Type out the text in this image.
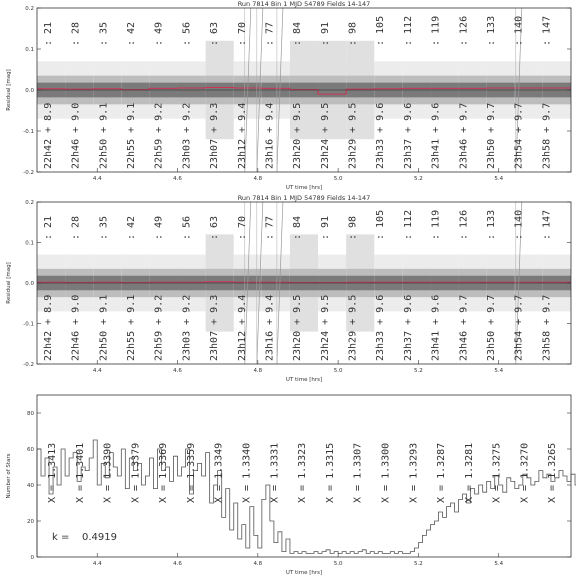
Run 7814 Bin 1 MJD 54789 Fields 14-147
-0.2
-0.1
0.0
0.1
0.2
4.4	4.6	4.8	5.0	5.2	5.4
UT time [hrs]
Residual [mag]
: 21
22h42 + 8.9
: 28
22h46 + 9.0
: 35
22h50 + 9.1
: 42
22h55 + 9.1
: 49
22h59 + 9.2
: 56
23h03 + 9.2
: 63
23h07 + 9.3
: 70
23h12 + 9.4
: 77
23h16 + 9.4
: 84
23h20 + 9.5
: 91
23h24 + 9.5
: 98
23h29 + 9.5
: 105
23h33 + 9.6
: 112
23h37 + 9.6
: 119
23h41 + 9.6
: 126
23h46 + 9.7
: 133
23h50 + 9.7
: 140
23h54 + 9.7
: 147
23h58 + 9.7
Run 7814 Bin 1 MJD 54789 Fields 14-147
-0.2
-0.1
0.0
0.1
0.2
4.4	4.6	4.8	5.0	5.2	5.4
UT time [hrs]
Residual [mag]
: 21
22h42 + 8.9
: 28
22h46 + 9.0
: 35
22h50 + 9.1
: 42
22h55 + 9.1
: 49
22h59 + 9.2
: 56
23h03 + 9.2
: 63
23h07 + 9.3
: 70
23h12 + 9.4
: 77
23h16 + 9.4
: 84
23h20 + 9.5
: 91
23h24 + 9.5
: 98
23h29 + 9.5
: 105
23h33 + 9.6
: 112
23h37 + 9.6
: 119
23h41 + 9.6
: 126
23h46 + 9.7
: 133
23h50 + 9.7
: 140
23h54 + 9.7
: 147
23h58 + 9.7
X = 1.3413 X = 1.3401 X = 1.3390 X = 1.3379 X = 1.3369 X = 1.3359 X = 1.3349 X = 1.3340 X = 1.3331 X = 1.3323 X = 1.3315 X = 1.3307 X = 1.3300 X = 1.3293 X = 1.3287 X = 1.3281 X = 1.3275 X = 1.3270 X = 1.3265
0
20
40
60
80
4.4	4.6	4.8	5.0	5.2	5.4
UT time [hrs]
Number of Stars
k = 0.4919
